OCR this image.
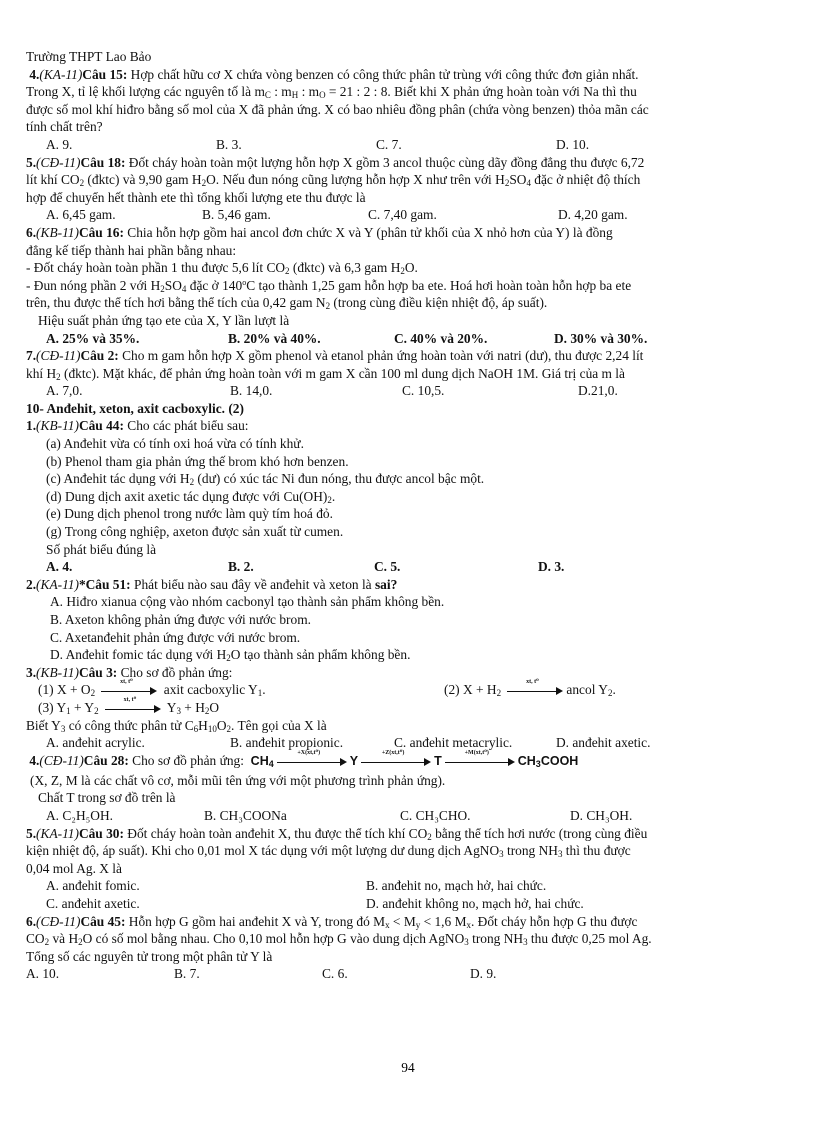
Trường THPT Lao Bảo
4.(KA-11)Câu 15: Hợp chất hữu cơ X chứa vòng benzen có công thức phân tử trùng với công thức đơn giản nhất.
Trong X, tỉ lệ khối lượng các nguyên tố là $m_C$ : $m_H$ : $m_O = 21$ : 2 : 8. Biết khi X phản ứng hoàn toàn với Na thì thu
được số mol khí hiđro bằng số mol của X đã phản ứng. X có bao nhiêu đồng phân (chứa vòng benzen) thỏa mãn các
tính chất trên?
A. 9.	B. 3.	C. 7.	D. 10.
5.(CĐ-11)Câu 18: Đốt cháy hoàn toàn một lượng hỗn hợp X gồm 3 ancol thuộc cùng dãy đồng đẳng thu được 6,72
lít khí $CO_2$ (đktc) và 9,90 gam $H_2O$. Nếu đun nóng cũng lượng hỗn hợp X như trên với $H_2SO_4$ đặc ở nhiệt độ thích
hợp để chuyển hết thành ete thì tổng khối lượng ete thu được là
A. 6,45 gam.	B. 5,46 gam.	C. 7,40 gam.	D. 4,20 gam.
6.(KB-11)Câu 16: Chia hỗn hợp gồm hai ancol đơn chức X và Y (phân tử khối của X nhỏ hơn của Y) là đồng
đẳng kế tiếp thành hai phần bằng nhau:
- Đốt cháy hoàn toàn phần 1 thu được 5,6 lít $CO_2$ (đktc) và 6,3 gam $H_2O$.
- Đun nóng phần 2 với $H_2SO_4$ đặc ở 140$^o$C tạo thành 1,25 gam hỗn hợp ba ete. Hoá hơi hoàn toàn hỗn hợp ba ete
trên, thu được thể tích hơi bằng thể tích của 0,42 gam $N_2$ (trong cùng điều kiện nhiệt độ, áp suất).
Hiệu suất phản ứng tạo ete của X, Y lần lượt là
A. 25% và 35%.	B. 20% và 40%.	C. 40% và 20%.	D. 30% và 30%.
7.(CĐ-11)Câu 2: Cho m gam hỗn hợp X gồm phenol và etanol phản ứng hoàn toàn với natri (dư), thu được 2,24 lít
khí $H_2$ (đktc). Mặt khác, để phản ứng hoàn toàn với m gam X cần 100 ml dung dịch NaOH 1M. Giá trị của m là
A. 7,0.	B. 14,0.	C. 10,5.	D.21,0.
10- Anđehit, xeton, axit cacboxylic. (2)
1.(KB-11)Câu 44: Cho các phát biểu sau:
(a) Anđehit vừa có tính oxi hoá vừa có tính khử.
(b) Phenol tham gia phản ứng thế brom khó hơn benzen.
(c) Anđehit tác dụng với $H_2$ (dư) có xúc tác Ni đun nóng, thu được ancol bậc một.
(d) Dung dịch axit axetic tác dụng được với $Cu(OH)_2$.
(e) Dung dịch phenol trong nước làm quỳ tím hoá đỏ.
(g) Trong công nghiệp, axeton được sản xuất từ cumen.
Số phát biểu đúng là
A. 4.	B. 2.	C. 5.	D. 3.
2.(KA-11)*Câu 51: Phát biểu nào sau đây về anđehit và xeton là sai?
A. Hiđro xianua cộng vào nhóm cacbonyl tạo thành sản phẩm không bền.
B. Axeton không phản ứng được với nước brom.
C. Axetanđehit phản ứng được với nước brom.
D. Anđehit fomic tác dụng với $H_2O$ tạo thành sản phẩm không bền.
3.(KB-11)Câu 3: Cho sơ đồ phản ứng:
(1) $X + O_2$
xt, t⁰
axit cacboxylic $Y_1$.	(2) $X + H_2$
xt, t⁰
ancol $Y_2$.
(3) $Y_1 + Y_2$
xt, t⁰
$Y_3 + H_2O$
Biết $Y_3$ có công thức phân tử $C_6H_{10}O_2$. Tên gọi của X là
A. anđehit acrylic.	B. anđehit propionic.	C. anđehit metacrylic.	D. anđehit axetic.
4.(CĐ-11)Câu 28: Cho sơ đồ phản ứng: $CH_4$
+X(xt,t⁰)
Y
+Z(xt,t⁰)
T
+M(xt,t⁰)
$CH_3COOH$
(X, Z, M là các chất vô cơ, mỗi mũi tên ứng với một phương trình phản ứng).
Chất T trong sơ đồ trên là
A. C₂H₅OH.	B. CH₃COONa	C. CH₃CHO.	D. CH₃OH.
5.(KA-11)Câu 30: Đốt cháy hoàn toàn anđehit X, thu được thể tích khí $CO_2$ bằng thể tích hơi nước (trong cùng điều
kiện nhiệt độ, áp suất). Khi cho 0,01 mol X tác dụng với một lượng dư dung dịch AgNO$_3$ trong $NH_3$ thì thu được
0,04 mol Ag. X là
A. anđehit fomic.	B. anđehit no, mạch hở, hai chức.
C. anđehit axetic.	D. anđehit không no, mạch hở, hai chức.
6.(CĐ-11)Câu 45: Hỗn hợp G gồm hai anđehit X và Y, trong đó $M_x < M_y < 1,6$ $M_x$. Đốt cháy hỗn hợp G thu được
$CO_2$ và $H_2O$ có số mol bằng nhau. Cho 0,10 mol hỗn hợp G vào dung dịch AgNO$_3$ trong $NH_3$ thu được 0,25 mol Ag.
Tổng số các nguyên tử trong một phân tử Y là
A. 10.	B. 7.	C. 6.	D. 9.
94
